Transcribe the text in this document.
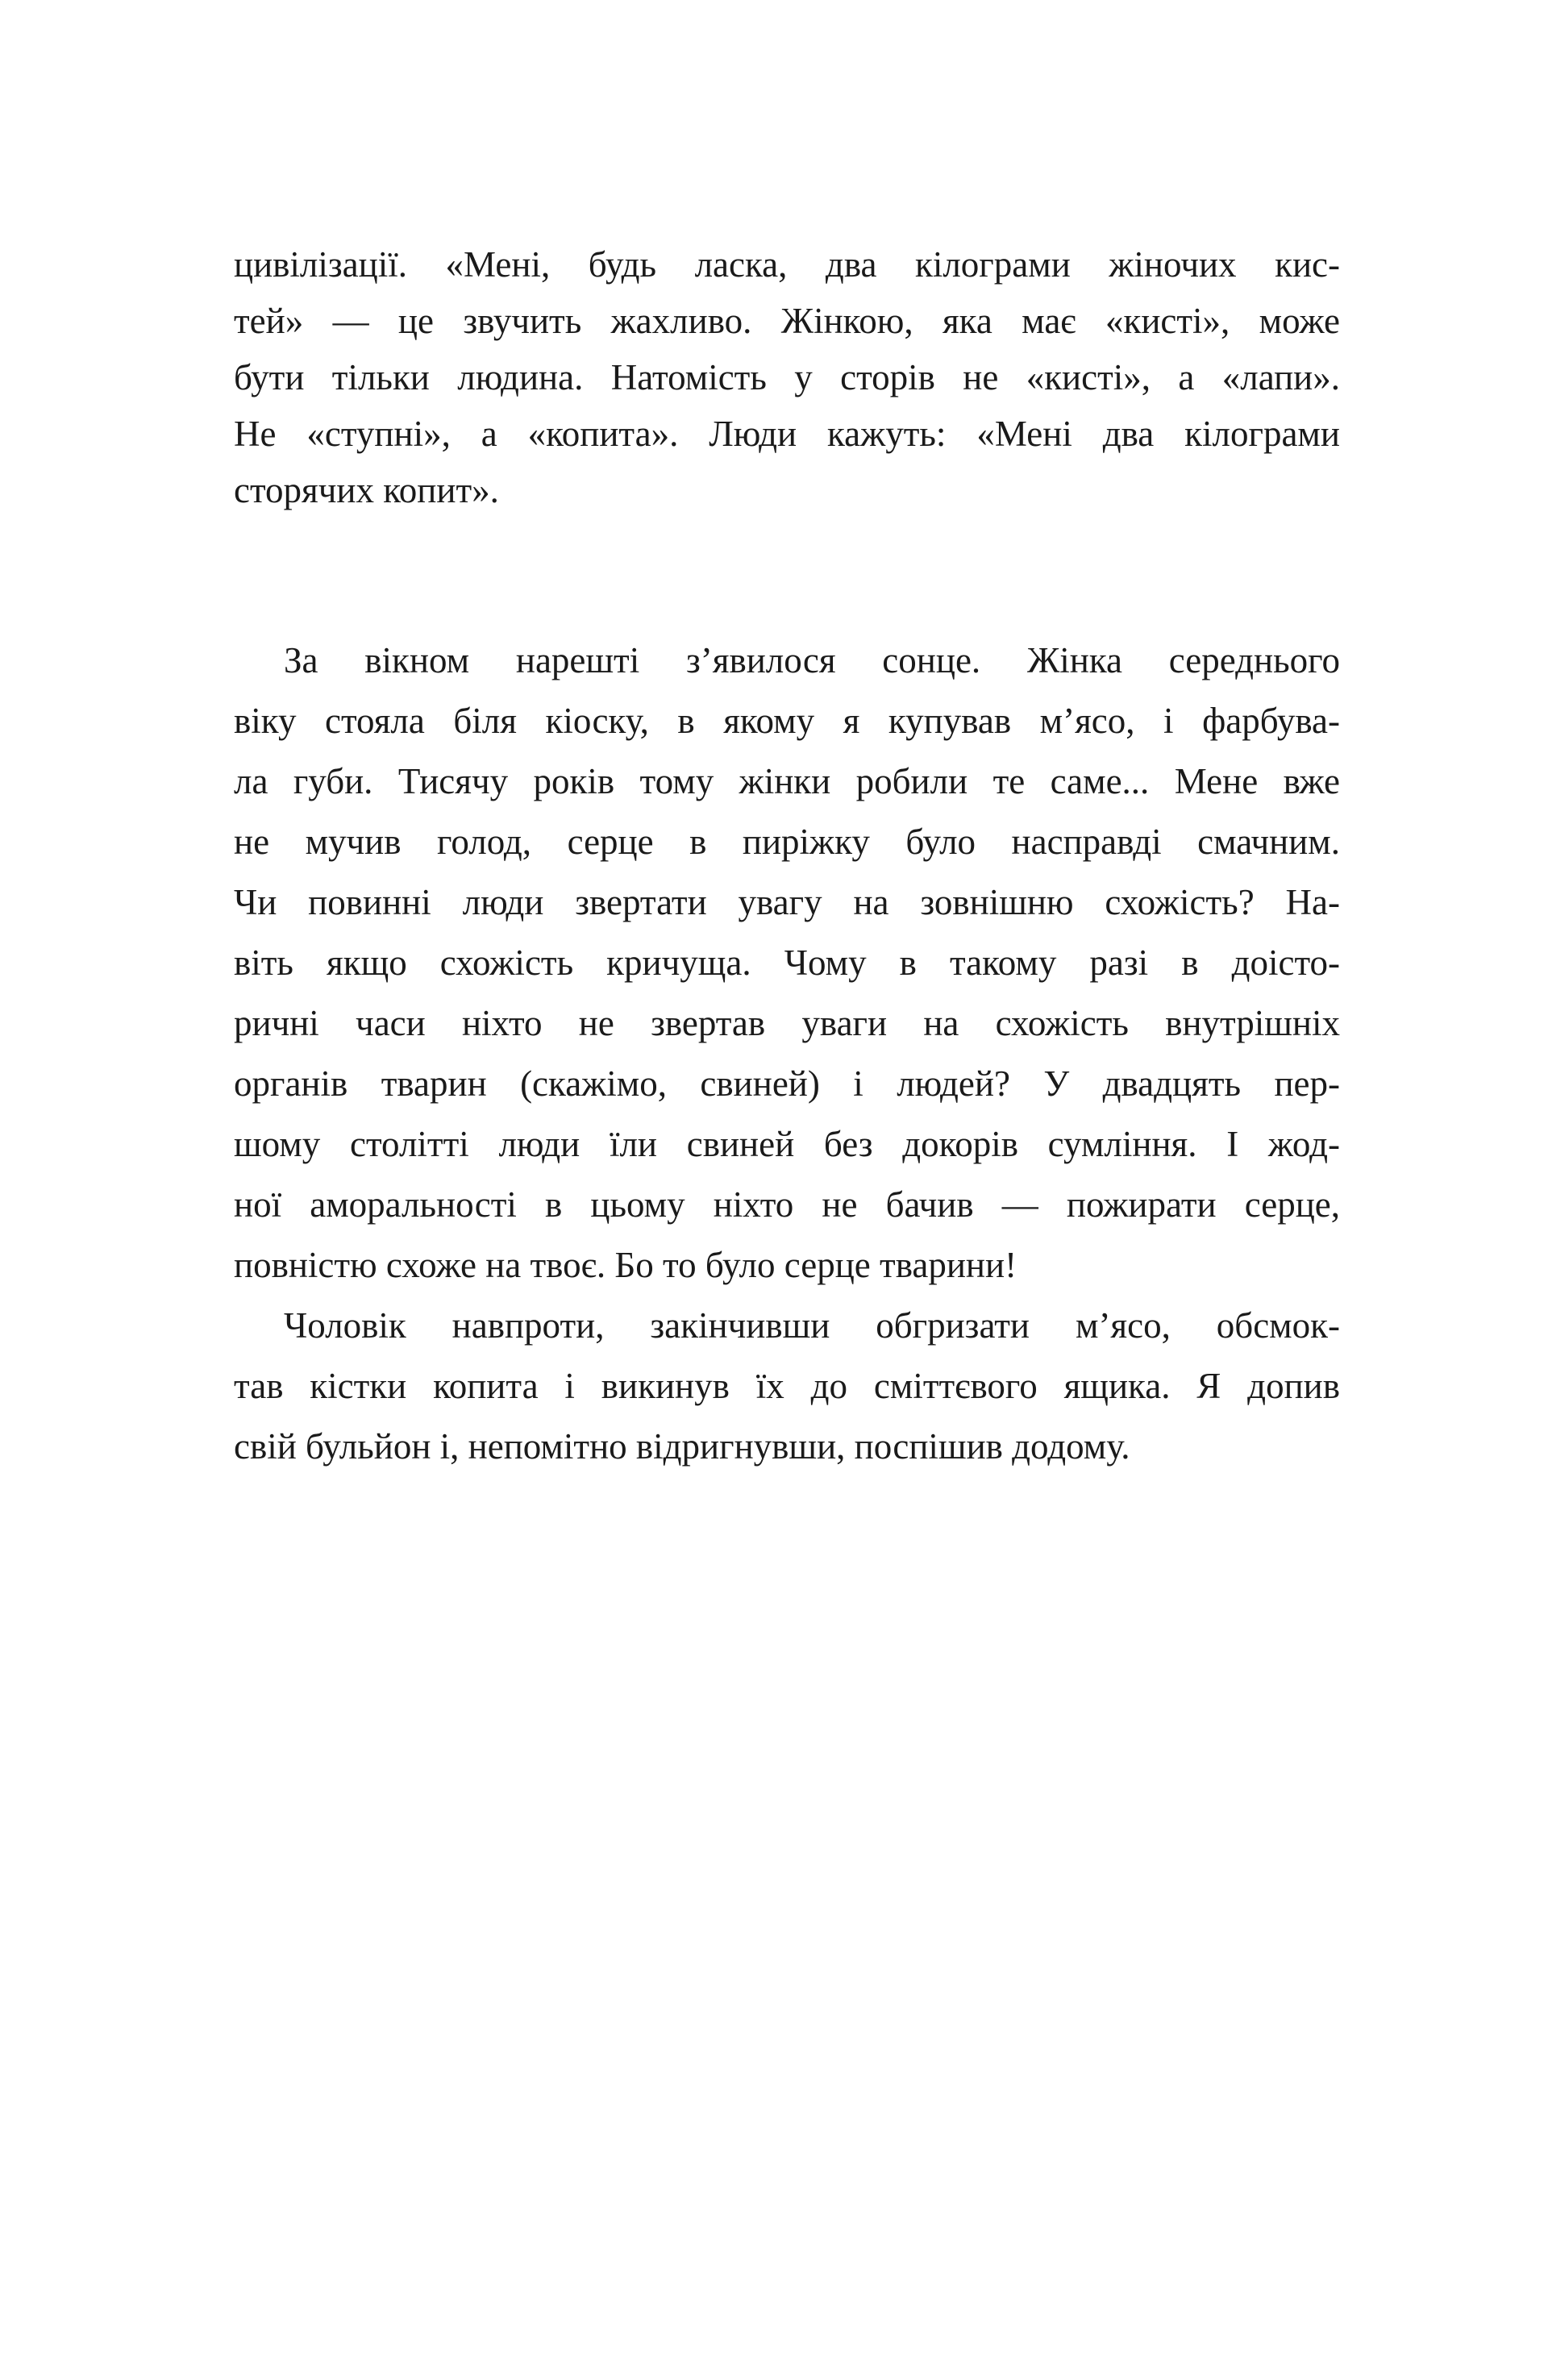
цивілізації. «Мені, будь ласка, два кілограми жіночих кис-
тей» — це звучить жахливо. Жінкою, яка має «кисті», може
бути тільки людина. Натомість у сторів не «кисті», а «лапи».
Не «ступні», а «копита». Люди кажуть: «Мені два кілограми
сторячих копит».
За вікном нарешті з’явилося сонце. Жінка середнього
віку стояла біля кіоску, в якому я купував м’ясо, і фарбува-
ла губи. Тисячу років тому жінки робили те саме... Мене вже
не мучив голод, серце в пиріжку було насправді смачним.
Чи повинні люди звертати увагу на зовнішню схожість? На-
віть якщо схожість кричуща. Чому в такому разі в доісто-
ричні часи ніхто не звертав уваги на схожість внутрішніх
органів тварин (скажімо, свиней) і людей? У двадцять пер-
шому столітті люди їли свиней без докорів сумління. І жод-
ної аморальності в цьому ніхто не бачив — пожирати серце,
повністю схоже на твоє. Бо то було серце тварини!
Чоловік навпроти, закінчивши обгризати м’ясо, обсмок-
тав кістки копита і викинув їх до сміттєвого ящика. Я допив
свій бульйон і, непомітно відригнувши, поспішив додому.
